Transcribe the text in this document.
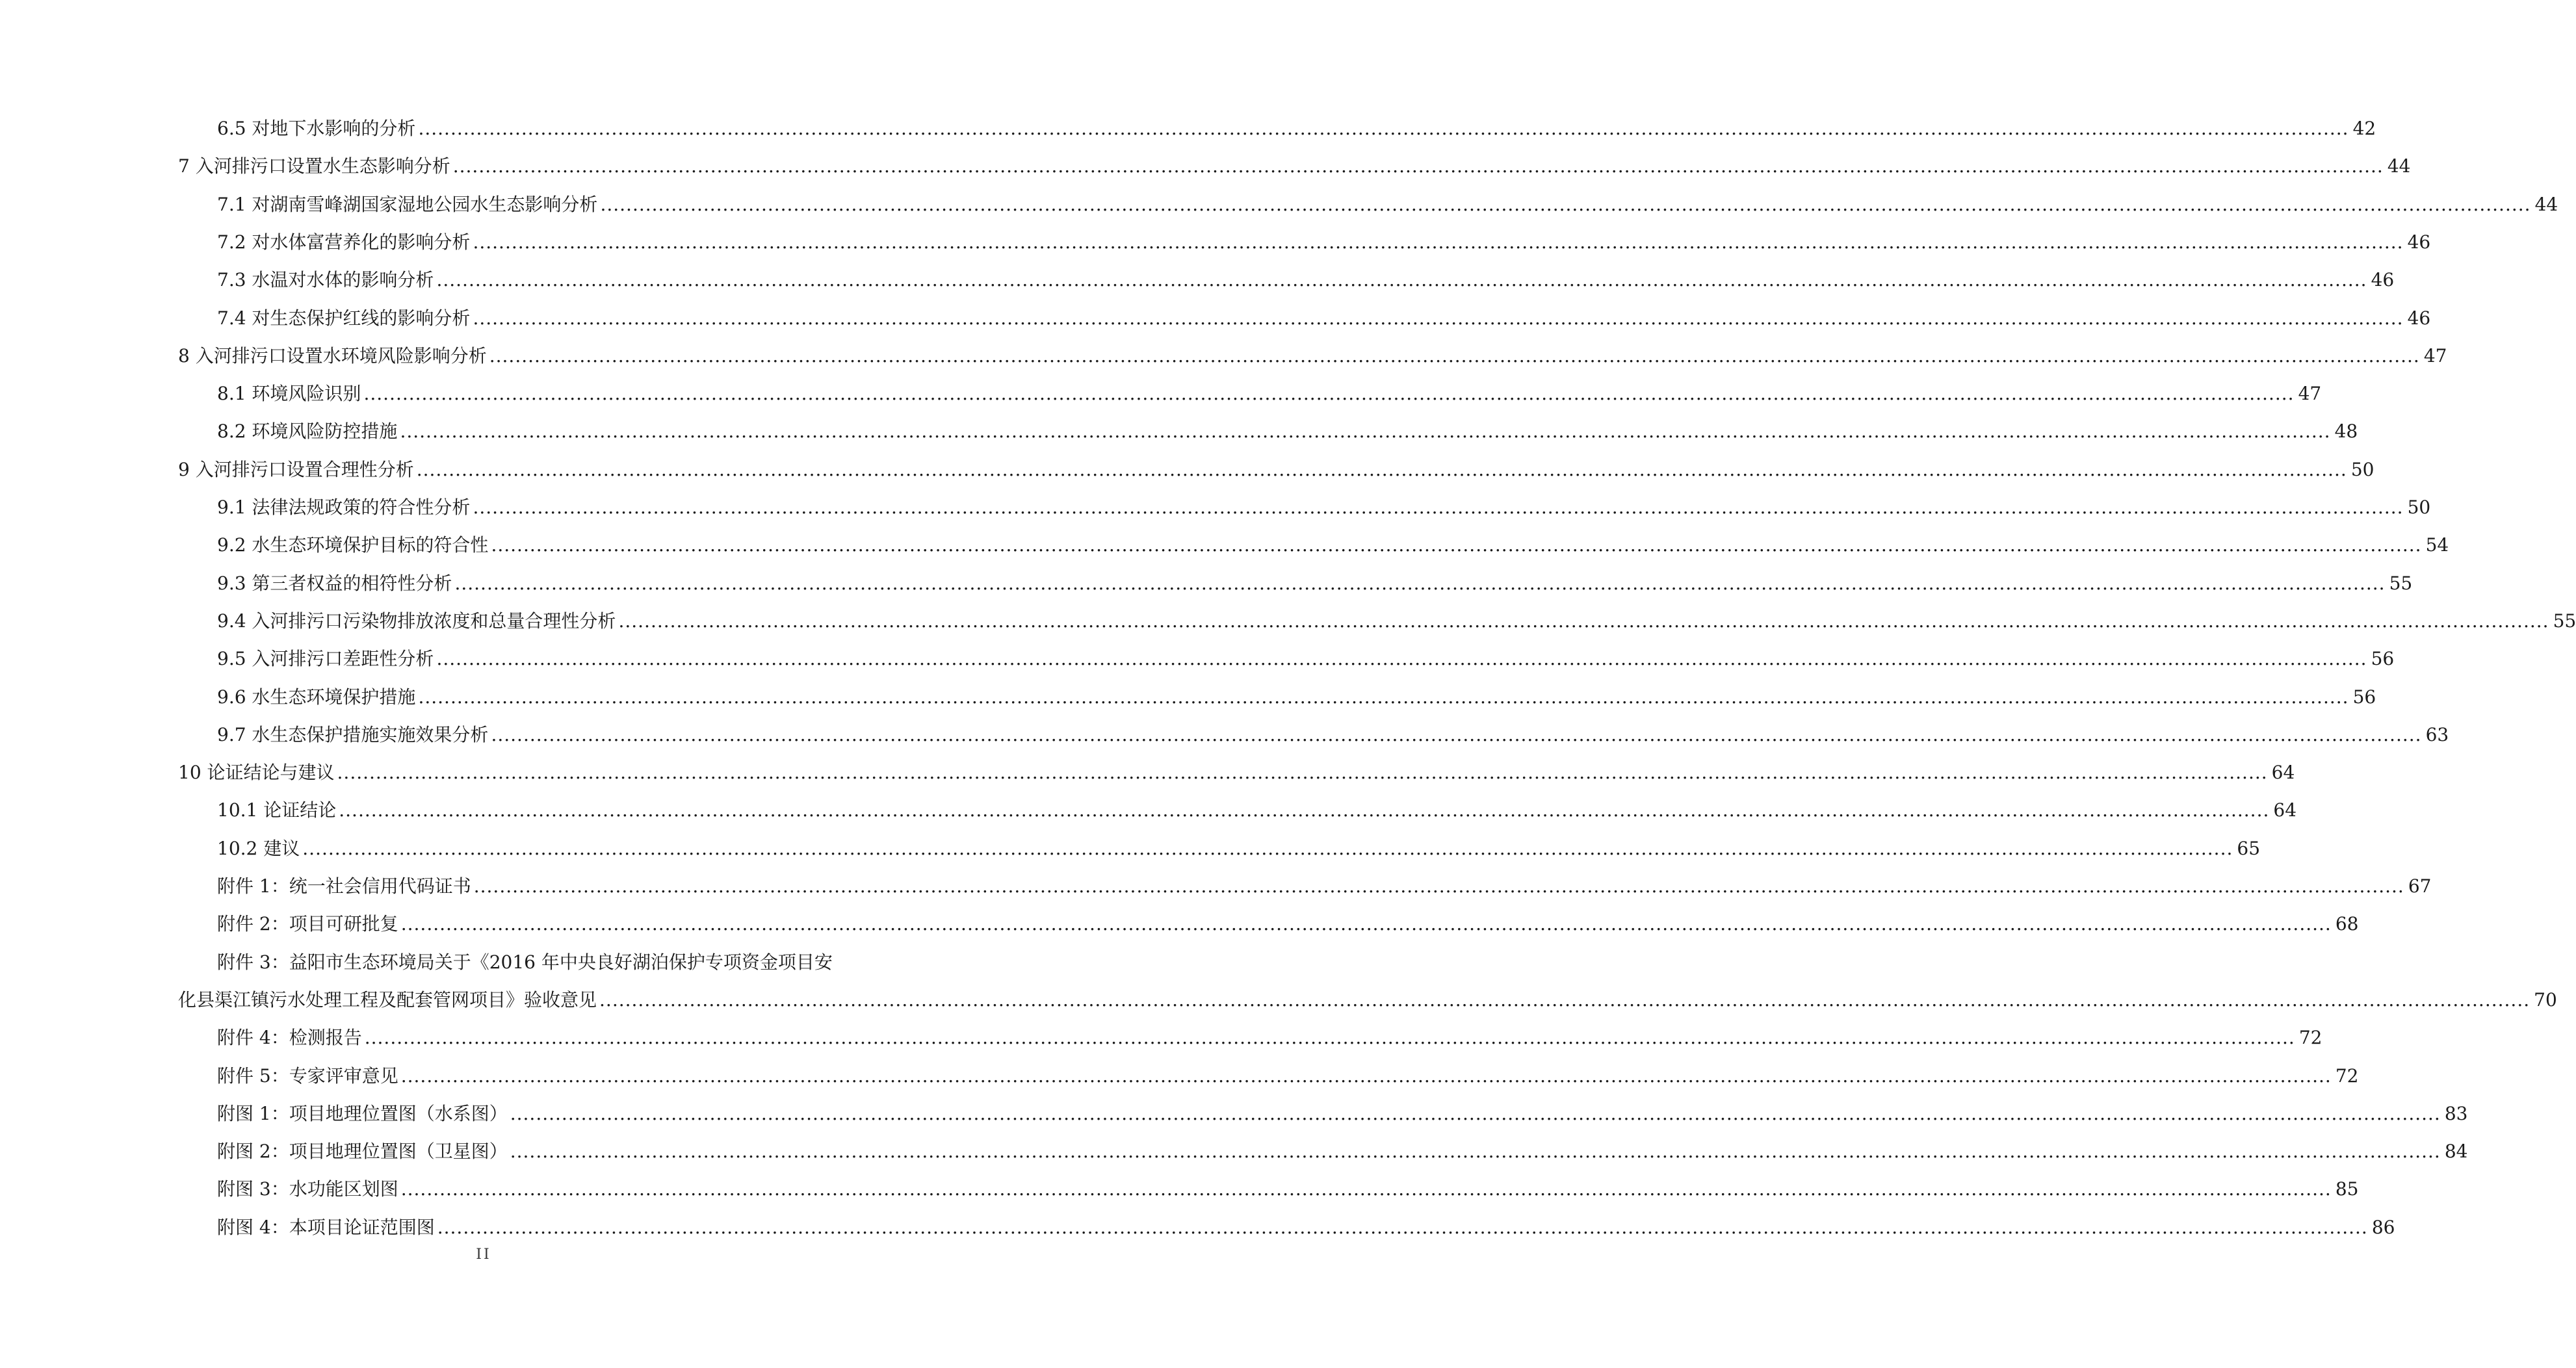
6.5 对地下水影响的分析 ............................................................................................................................................................................................................................................................................................................ 42
7 入河排污口设置水生态影响分析 ............................................................................................................................................................................................................................................................................................................ 44
7.1 对湖南雪峰湖国家湿地公园水生态影响分析 ............................................................................................................................................................................................................................................................................................................ 44
7.2 对水体富营养化的影响分析 ............................................................................................................................................................................................................................................................................................................ 46
7.3 水温对水体的影响分析 ............................................................................................................................................................................................................................................................................................................ 46
7.4 对生态保护红线的影响分析 ............................................................................................................................................................................................................................................................................................................ 46
8 入河排污口设置水环境风险影响分析 ............................................................................................................................................................................................................................................................................................................ 47
8.1 环境风险识别 ............................................................................................................................................................................................................................................................................................................ 47
8.2 环境风险防控措施 ............................................................................................................................................................................................................................................................................................................ 48
9 入河排污口设置合理性分析 ............................................................................................................................................................................................................................................................................................................ 50
9.1 法律法规政策的符合性分析 ............................................................................................................................................................................................................................................................................................................ 50
9.2 水生态环境保护目标的符合性 ............................................................................................................................................................................................................................................................................................................ 54
9.3 第三者权益的相符性分析 ............................................................................................................................................................................................................................................................................................................ 55
9.4 入河排污口污染物排放浓度和总量合理性分析 ............................................................................................................................................................................................................................................................................................................ 55
9.5 入河排污口差距性分析 ............................................................................................................................................................................................................................................................................................................ 56
9.6 水生态环境保护措施 ............................................................................................................................................................................................................................................................................................................ 56
9.7 水生态保护措施实施效果分析 ............................................................................................................................................................................................................................................................................................................ 63
10 论证结论与建议 ............................................................................................................................................................................................................................................................................................................ 64
10.1 论证结论 ............................................................................................................................................................................................................................................................................................................ 64
10.2 建议 ............................................................................................................................................................................................................................................................................................................ 65
附件 1：统一社会信用代码证书 ............................................................................................................................................................................................................................................................................................................ 67
附件 2：项目可研批复 ............................................................................................................................................................................................................................................................................................................ 68
附件 3：益阳市生态环境局关于《2016 年中央良好湖泊保护专项资金项目安
化县渠江镇污水处理工程及配套管网项目》验收意见 ............................................................................................................................................................................................................................................................................................................ 70
附件 4：检测报告 ............................................................................................................................................................................................................................................................................................................ 72
附件 5：专家评审意见 ............................................................................................................................................................................................................................................................................................................ 72
附图 1：项目地理位置图（水系图） ............................................................................................................................................................................................................................................................................................................ 83
附图 2：项目地理位置图（卫星图） ............................................................................................................................................................................................................................................................................................................ 84
附图 3：水功能区划图 ............................................................................................................................................................................................................................................................................................................ 85
附图 4：本项目论证范围图 ............................................................................................................................................................................................................................................................................................................ 86
II
